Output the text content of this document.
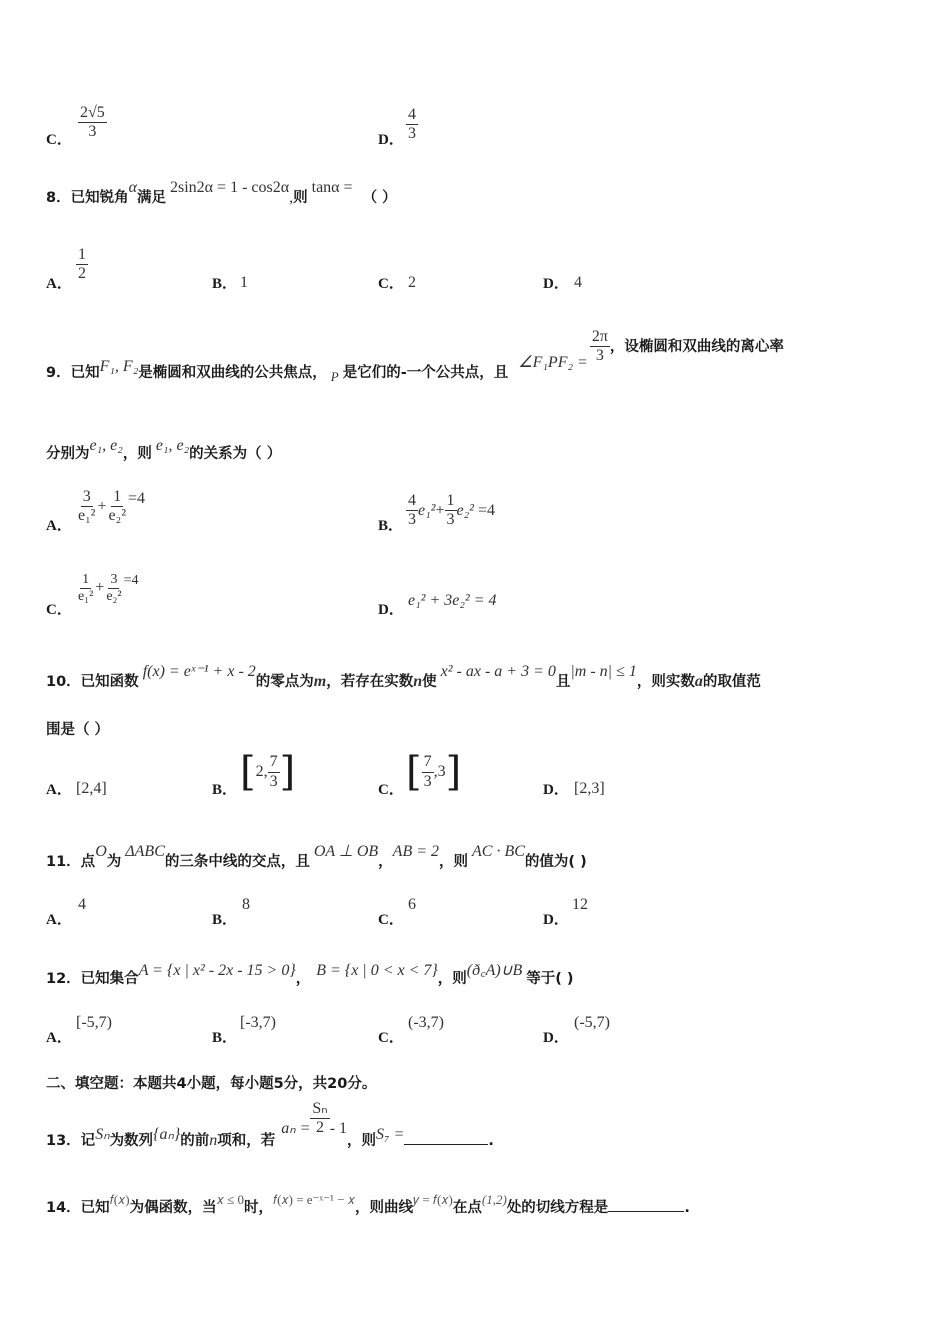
C． $\frac{2√5}{3}$	D． $\frac{4}{3}$
8．已知锐角α满足2sin2α = 1 - cos2α,则tanα =（ ）
A．
$\frac{1}{2}$
B． 1	C． 2	D． 4
9．已知F₁, F₂是椭圆和双曲线的公共焦点， P 是它们的-一个公共点，且∠F₁PF₂ = $\frac{2\pi}{3}$ ，设椭圆和双曲线的离心率
分别为e₁, e₂，则 e₁, e₂的关系为（ ）
A．
$\frac{3}{\text{e₁²}} + \frac{1}{\text{e₂²}} =4$
B． $\frac{4}{3} e_1^2+ \frac{1}{3} e_2^2 =4$
C．
$\frac{1}{\text{e₁²}} + \frac{3}{\text{e₂²}} =4$
D．
e₁² + 3e₂² = 4
10．已知函数f(x) = eˣ⁻¹ + x - 2的零点为m，若存在实数n使x² - ax - a + 3 = 0且|m - n| ≤ 1，则实数a的取值范
围是（ ）
A． [2,4]	B． [2, $\frac{7}{3}$ ]	C． [ $\frac{7}{3} ,3$]	D． [2,3]
11．点O为ΔABC的三条中线的交点，且OA ⊥ OB，AB = 2，则AC · BC的值为( )
A．
4
B．
8
C．
6
D．
12
12．已知集合A = {x | x² - 2x - 15 > 0}， B = {x | 0 < x < 7}，则(ð꜀A)∪B 等于( )
A．
[-5,7)
B．
[-3,7)
C．
(-3,7)
D．
(-5,7)
二、填空题：本题共4小题，每小题5分，共20分。
13．记Sₙ为数列{aₙ}的前n项和，若$a_n = \frac{\text{Sₙ}}{2} - 1$，则S₇ =	.
14．已知𝑓(𝑥)为偶函数，当𝑥 ≤ 0时，𝑓(𝑥) = e⁻ˣ⁻¹ − 𝑥，则曲线𝑦 = 𝑓(𝑥)在点(1,2)处的切线方程是	.
